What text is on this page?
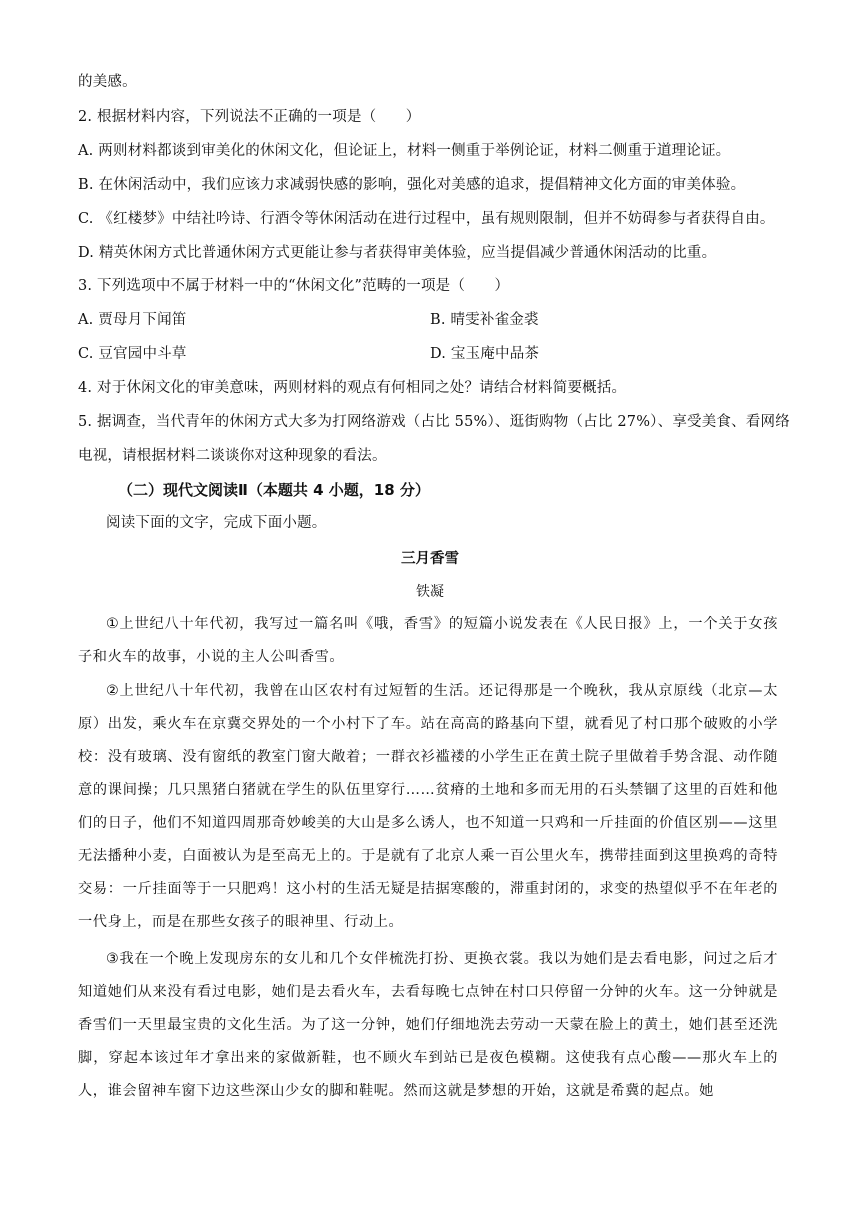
的美感。
2. 根据材料内容，下列说法不正确的一项是（　　）
A. 两则材料都谈到审美化的休闲文化，但论证上，材料一侧重于举例论证，材料二侧重于道理论证。
B. 在休闲活动中，我们应该力求减弱快感的影响，强化对美感的追求，提倡精神文化方面的审美体验。
C. 《红楼梦》中结社吟诗、行酒令等休闲活动在进行过程中，虽有规则限制，但并不妨碍参与者获得自由。
D. 精英休闲方式比普通休闲方式更能让参与者获得审美体验，应当提倡减少普通休闲活动的比重。
3. 下列选项中不属于材料一中的“休闲文化”范畴的一项是（　　）
A. 贾母月下闻笛	B. 晴雯补雀金裘
C. 豆官园中斗草	D. 宝玉庵中品茶
4. 对于休闲文化的审美意味，两则材料的观点有何相同之处？请结合材料简要概括。
5. 据调查，当代青年的休闲方式大多为打网络游戏（占比 55%）、逛街购物（占比 27%）、享受美食、看网络
电视，请根据材料二谈谈你对这种现象的看法。
（二）现代文阅读Ⅱ（本题共 4 小题，18 分）
阅读下面的文字，完成下面小题。
三月香雪
铁凝
①上世纪八十年代初，我写过一篇名叫《哦，香雪》的短篇小说发表在《人民日报》上，一个关于女孩子和火车的故事，小说的主人公叫香雪。
②上世纪八十年代初，我曾在山区农村有过短暂的生活。还记得那是一个晚秋，我从京原线（北京—太原）出发，乘火车在京冀交界处的一个小村下了车。站在高高的路基向下望，就看见了村口那个破败的小学校：没有玻璃、没有窗纸的教室门窗大敞着；一群衣衫褴褛的小学生正在黄土院子里做着手势含混、动作随意的课间操；几只黑猪白猪就在学生的队伍里穿行……贫瘠的土地和多而无用的石头禁锢了这里的百姓和他们的日子，他们不知道四周那奇妙峻美的大山是多么诱人，也不知道一只鸡和一斤挂面的价值区别——这里无法播种小麦，白面被认为是至高无上的。于是就有了北京人乘一百公里火车，携带挂面到这里换鸡的奇特交易：一斤挂面等于一只肥鸡！这小村的生活无疑是拮据寒酸的，滞重封闭的，求变的热望似乎不在年老的一代身上，而是在那些女孩子的眼神里、行动上。
③我在一个晚上发现房东的女儿和几个女伴梳洗打扮、更换衣裳。我以为她们是去看电影，问过之后才知道她们从来没有看过电影，她们是去看火车，去看每晚七点钟在村口只停留一分钟的火车。这一分钟就是香雪们一天里最宝贵的文化生活。为了这一分钟，她们仔细地洗去劳动一天蒙在脸上的黄土，她们甚至还洗脚，穿起本该过年才拿出来的家做新鞋，也不顾火车到站已是夜色模糊。这使我有点心酸——那火车上的人，谁会留神车窗下边这些深山少女的脚和鞋呢。然而这就是梦想的开始，这就是希冀的起点。她
